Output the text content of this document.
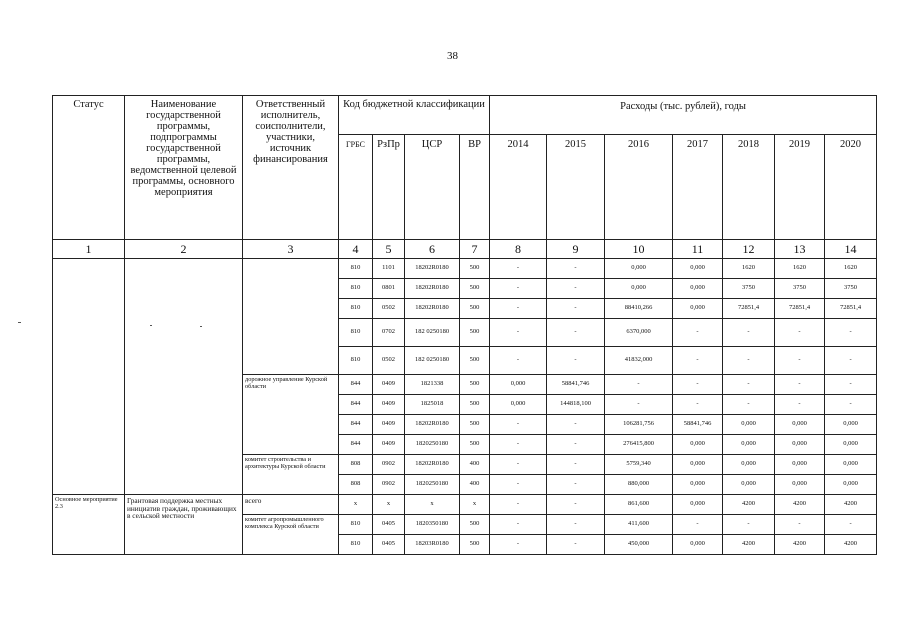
38
Статус	Наименование государственной программы, подпрограммы государственной программы, ведомственной целевой программы, основного мероприятия	Ответственный исполнитель, соисполнители, участники, источник финансирования	Код бюджетной классификации				Расходы (тыс. рублей), годы						
			ГРБС	РзПр	ЦСР	ВР	2014	2015	2016	2017	2018	2019	2020
1	2	3	4	5	6	7	8	9	10	11	12	13	14
			810	1101	18202R0180	500	-	-	0,000	0,000	1620	1620	1620
			810	0801	18202R0180	500	-	-	0,000	0,000	3750	3750	3750
			810	0502	18202R0180	500	-	-	88410,266	0,000	72851,4	72851,4	72851,4
			810	0702	182 0250180	500	-	-	6370,000	-	-	-	-
			810	0502	182 0250180	500	-	-	41832,000	-	-	-	-
		дорожное управление Курской области	844	0409	1821338	500	0,000	58841,746	-	-	-	-	-
			844	0409	1825018	500	0,000	144818,100	-	-	-	-	-
			844	0409	18202R0180	500	-	-	106281,756	58841,746	0,000	0,000	0,000
			844	0409	1820250180	500	-	-	276415,800	0,000	0,000	0,000	0,000
		комитет строительства и архитектуры Курской области	808	0902	18202R0180	400	-	-	5759,340	0,000	0,000	0,000	0,000
			808	0902	1820250180	400	-	-	880,000	0,000	0,000	0,000	0,000
Основное мероприятие 2.3	Грантовая поддержка местных инициатив граждан, проживающих в сельской местности	всего	x	x	x	x	-	-	861,600	0,000	4200	4200	4200
		комитет агропромышленного комплекса Курской области	810	0405	1820350180	500	-	-	411,600	-	-	-	-
			810	0405	18203R0180	500	-	-	450,000	0,000	4200	4200	4200
